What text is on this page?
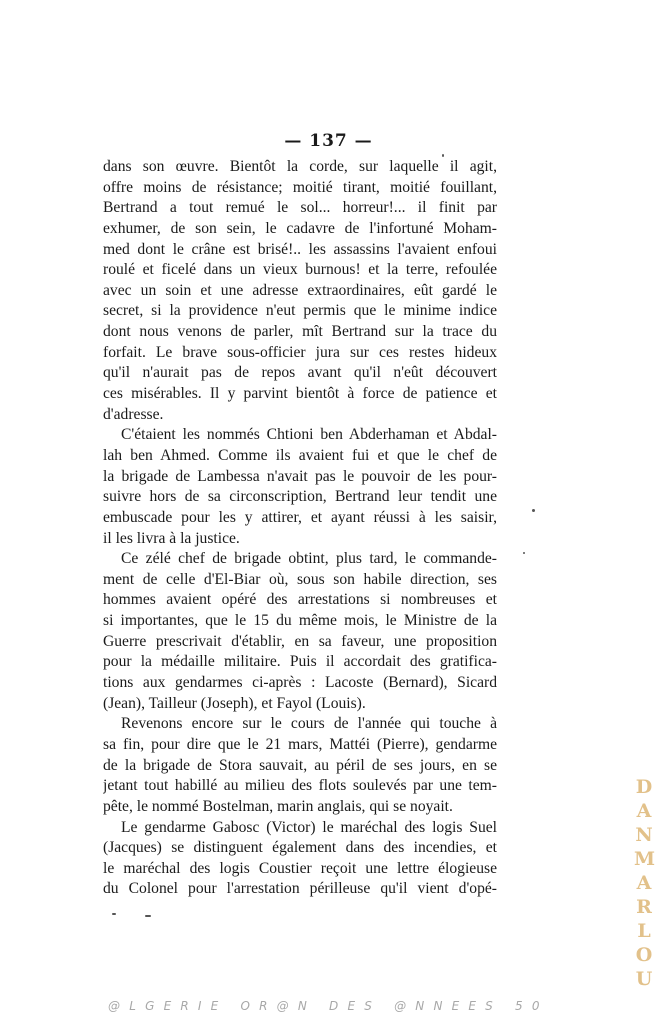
— 137 —
dans son œuvre. Bientôt la corde, sur laquelle il agit,
offre moins de résistance; moitié tirant, moitié fouillant,
Bertrand a tout remué le sol... horreur!... il finit par
exhumer, de son sein, le cadavre de l'infortuné Moham-
med dont le crâne est brisé!.. les assassins l'avaient enfoui
roulé et ficelé dans un vieux burnous! et la terre, refoulée
avec un soin et une adresse extraordinaires, eût gardé le
secret, si la providence n'eut permis que le minime indice
dont nous venons de parler, mît Bertrand sur la trace du
forfait. Le brave sous-officier jura sur ces restes hideux
qu'il n'aurait pas de repos avant qu'il n'eût découvert
ces misérables. Il y parvint bientôt à force de patience et
d'adresse.
C'étaient les nommés Chtioni ben Abderhaman et Abdal-
lah ben Ahmed. Comme ils avaient fui et que le chef de
la brigade de Lambessa n'avait pas le pouvoir de les pour-
suivre hors de sa circonscription, Bertrand leur tendit une
embuscade pour les y attirer, et ayant réussi à les saisir,
il les livra à la justice.
Ce zélé chef de brigade obtint, plus tard, le commande-
ment de celle d'El-Biar où, sous son habile direction, ses
hommes avaient opéré des arrestations si nombreuses et
si importantes, que le 15 du même mois, le Ministre de la
Guerre prescrivait d'établir, en sa faveur, une proposition
pour la médaille militaire. Puis il accordait des gratifica-
tions aux gendarmes ci-après : Lacoste (Bernard), Sicard
(Jean), Tailleur (Joseph), et Fayol (Louis).
Revenons encore sur le cours de l'année qui touche à
sa fin, pour dire que le 21 mars, Mattéi (Pierre), gendarme
de la brigade de Stora sauvait, au péril de ses jours, en se
jetant tout habillé au milieu des flots soulevés par une tem-
pête, le nommé Bostelman, marin anglais, qui se noyait.
Le gendarme Gabosc (Victor) le maréchal des logis Suel
(Jacques) se distinguent également dans des incendies, et
le maréchal des logis Coustier reçoit une lettre élogieuse
du Colonel pour l'arrestation périlleuse qu'il vient d'opé-
DANMARLOU
@LGERIE OR@N DES @NNEES 50
